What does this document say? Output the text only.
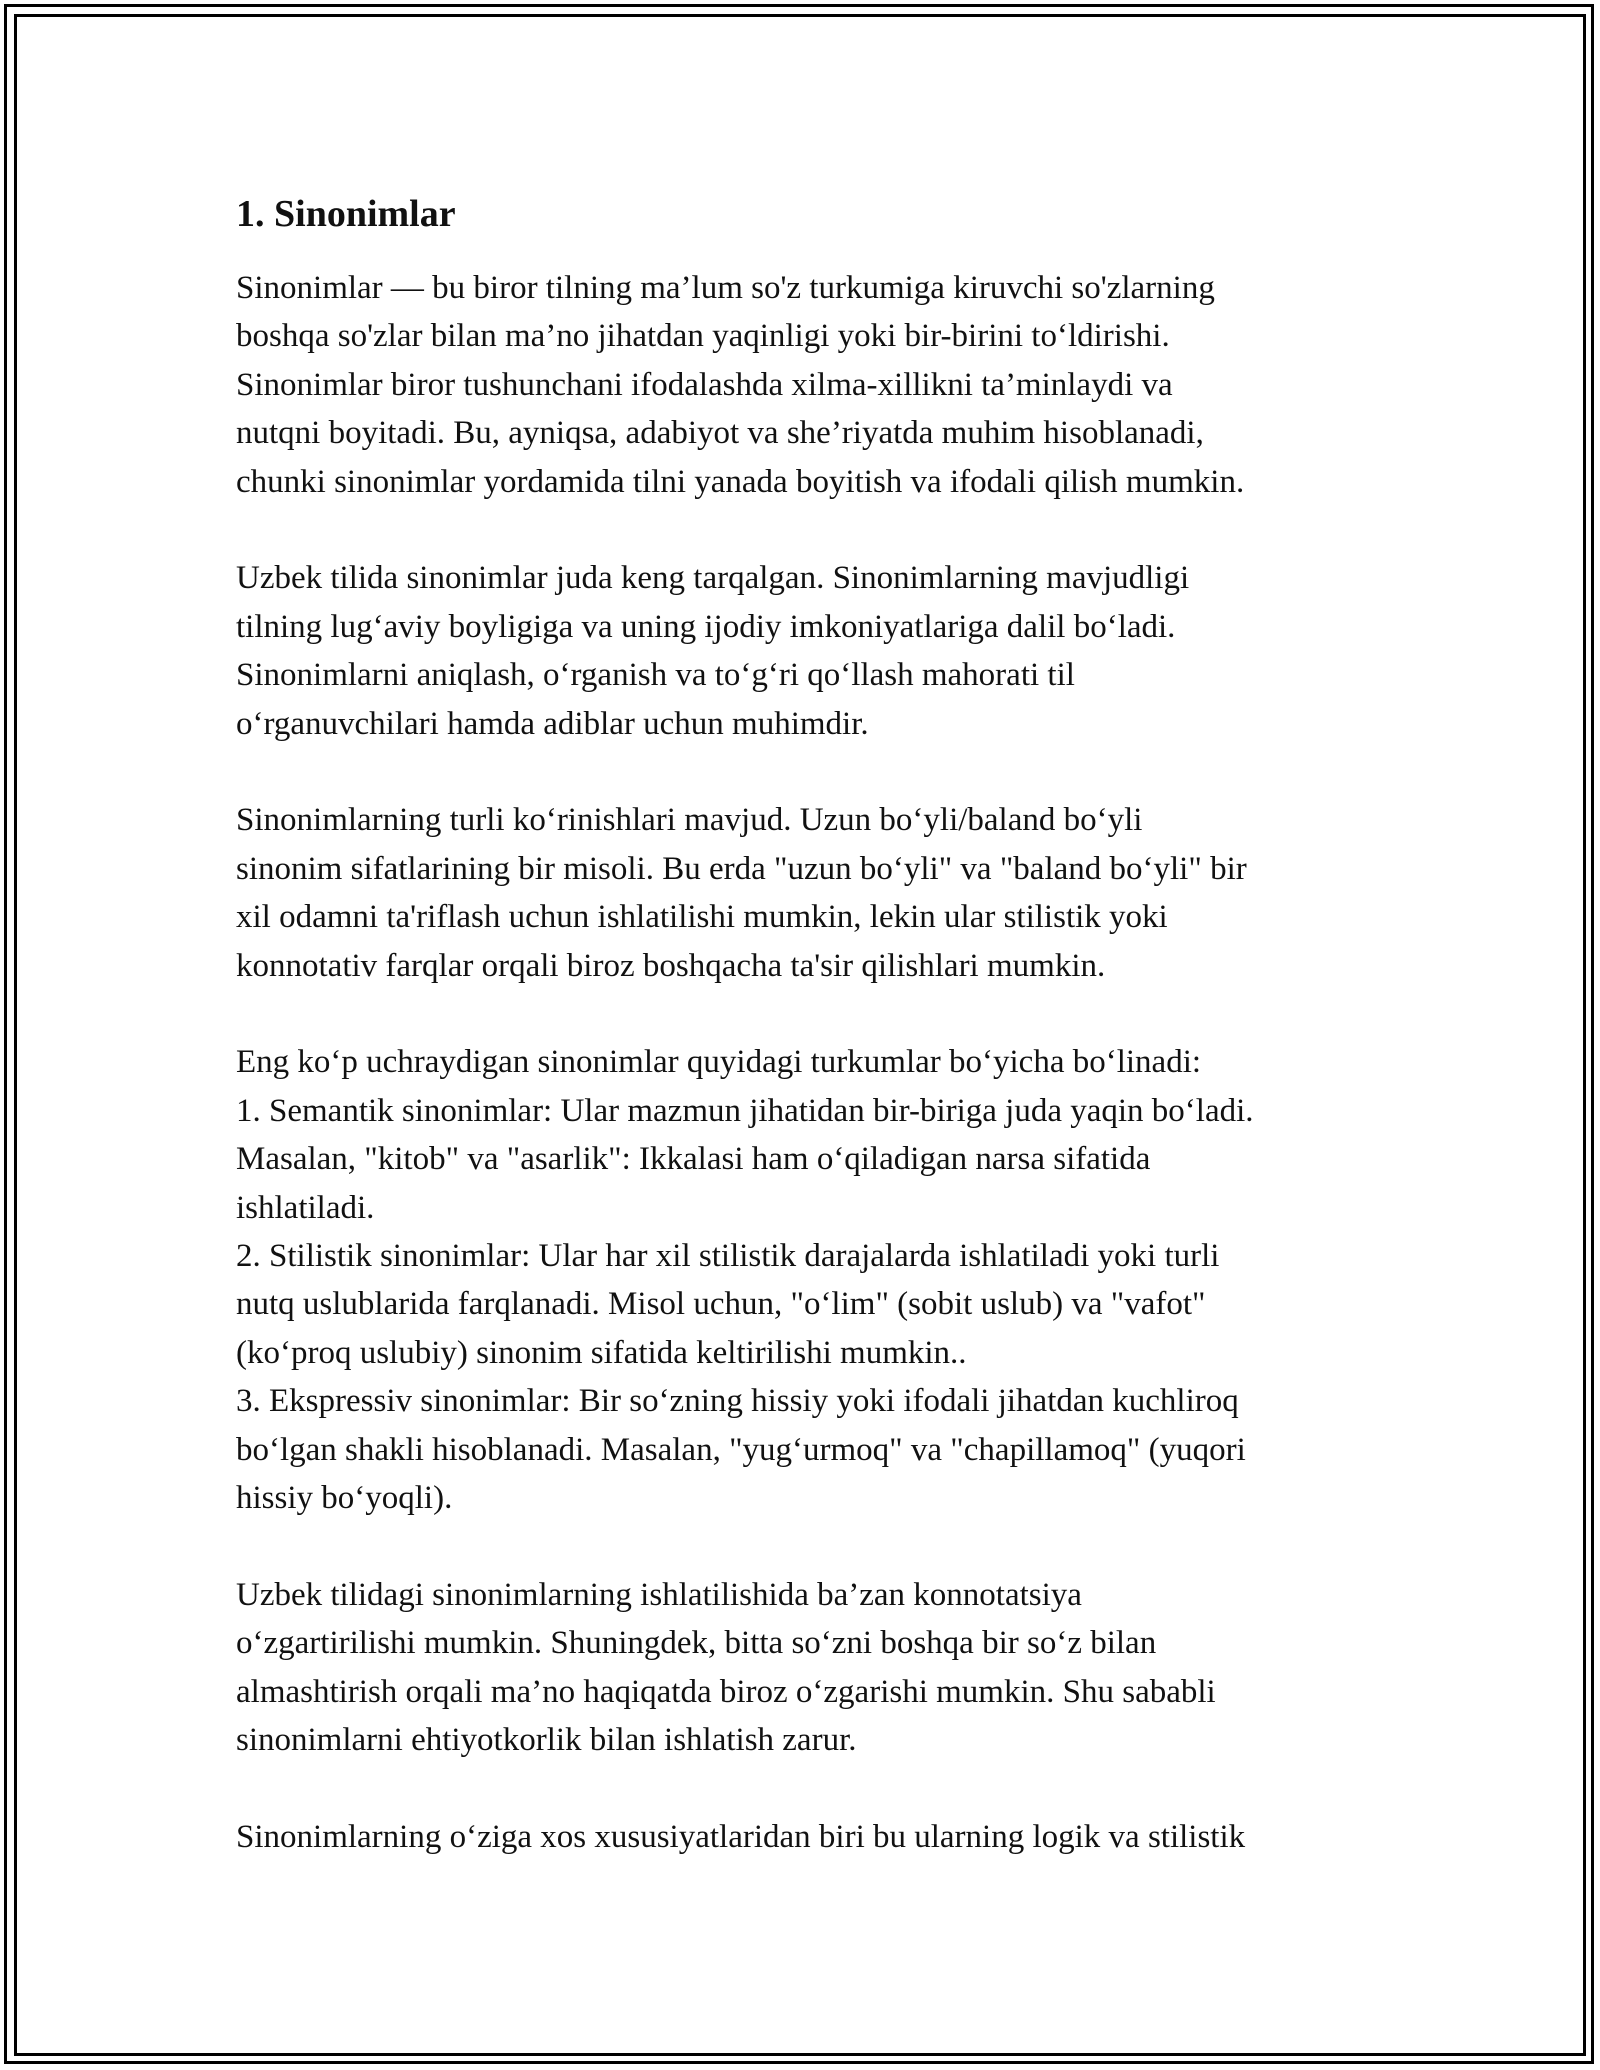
1. Sinonimlar
Sinonimlar — bu biror tilning ma’lum so'z turkumiga kiruvchi so'zlarning
boshqa so'zlar bilan ma’no jihatdan yaqinligi yoki bir-birini to‘ldirishi.
Sinonimlar biror tushunchani ifodalashda xilma-xillikni ta’minlaydi va
nutqni boyitadi. Bu, ayniqsa, adabiyot va she’riyatda muhim hisoblanadi,
chunki sinonimlar yordamida tilni yanada boyitish va ifodali qilish mumkin.
Uzbek tilida sinonimlar juda keng tarqalgan. Sinonimlarning mavjudligi
tilning lug‘aviy boyligiga va uning ijodiy imkoniyatlariga dalil bo‘ladi.
Sinonimlarni aniqlash, o‘rganish va to‘g‘ri qo‘llash mahorati til
o‘rganuvchilari hamda adiblar uchun muhimdir.
Sinonimlarning turli ko‘rinishlari mavjud. Uzun bo‘yli/baland bo‘yli
sinonim sifatlarining bir misoli. Bu erda "uzun bo‘yli" va "baland bo‘yli" bir
xil odamni ta'riflash uchun ishlatilishi mumkin, lekin ular stilistik yoki
konnotativ farqlar orqali biroz boshqacha ta'sir qilishlari mumkin.
Eng ko‘p uchraydigan sinonimlar quyidagi turkumlar bo‘yicha bo‘linadi:
1. Semantik sinonimlar: Ular mazmun jihatidan bir-biriga juda yaqin bo‘ladi.
Masalan, "kitob" va "asarlik": Ikkalasi ham o‘qiladigan narsa sifatida
ishlatiladi.
2. Stilistik sinonimlar: Ular har xil stilistik darajalarda ishlatiladi yoki turli
nutq uslublarida farqlanadi. Misol uchun, "o‘lim" (sobit uslub) va "vafot"
(ko‘proq uslubiy) sinonim sifatida keltirilishi mumkin..
3. Ekspressiv sinonimlar: Bir so‘zning hissiy yoki ifodali jihatdan kuchliroq
bo‘lgan shakli hisoblanadi. Masalan, "yug‘urmoq" va "chapillamoq" (yuqori
hissiy bo‘yoqli).
Uzbek tilidagi sinonimlarning ishlatilishida ba’zan konnotatsiya
o‘zgartirilishi mumkin. Shuningdek, bitta so‘zni boshqa bir so‘z bilan
almashtirish orqali ma’no haqiqatda biroz o‘zgarishi mumkin. Shu sababli
sinonimlarni ehtiyotkorlik bilan ishlatish zarur.
Sinonimlarning o‘ziga xos xususiyatlaridan biri bu ularning logik va stilistik
